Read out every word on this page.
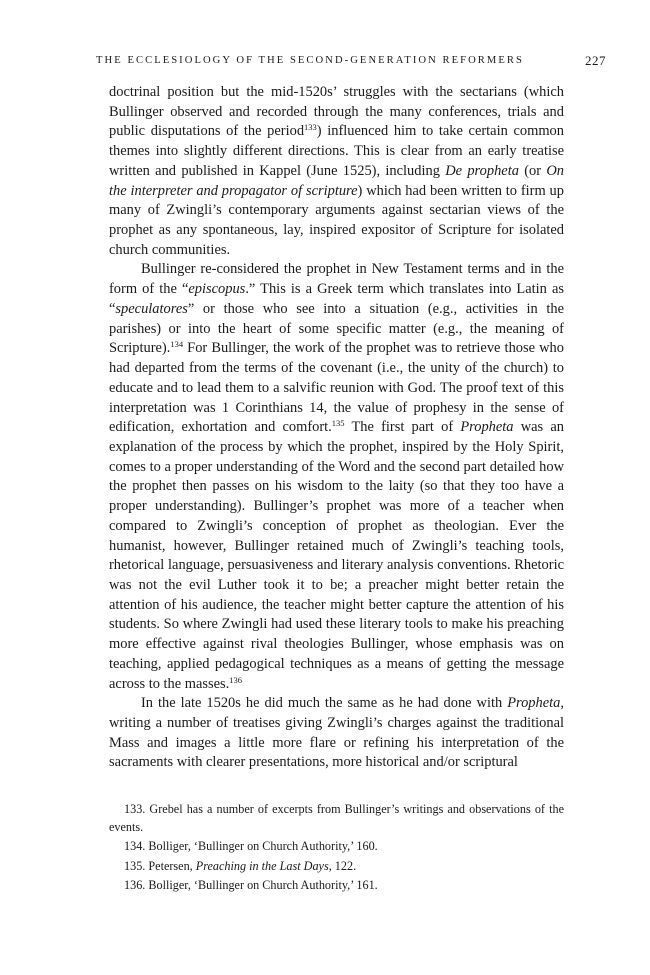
THE ECCLESIOLOGY OF THE SECOND-GENERATION REFORMERS	227

doctrinal position but the mid-1520s’ struggles with the sectarians (which Bullinger observed and recorded through the many conferences, trials and public disputations of the period$^{133}$) influenced him to take certain common themes into slightly different directions. This is clear from an early treatise written and published in Kappel (June 1525), including De propheta (or On the interpreter and propagator of scripture) which had been written to firm up many of Zwingli’s contemporary arguments against sectarian views of the prophet as any spontaneous, lay, inspired expositor of Scripture for isolated church communities.

Bullinger re-considered the prophet in New Testament terms and in the form of the “episcopus.” This is a Greek term which translates into Latin as “speculatores” or those who see into a situation (e.g., activities in the parishes) or into the heart of some specific matter (e.g., the meaning of Scripture).$^{134}$ For Bullinger, the work of the prophet was to retrieve those who had departed from the terms of the covenant (i.e., the unity of the church) to educate and to lead them to a salvific reunion with God. The proof text of this interpretation was 1 Corinthians 14, the value of prophesy in the sense of edification, exhortation and comfort.$^{135}$ The first part of Propheta was an explanation of the process by which the prophet, inspired by the Holy Spirit, comes to a proper understanding of the Word and the second part detailed how the prophet then passes on his wisdom to the laity (so that they too have a proper understanding). Bullinger’s prophet was more of a teacher when compared to Zwingli’s conception of prophet as theologian. Ever the humanist, however, Bullinger retained much of Zwingli’s teaching tools, rhetorical language, persuasiveness and literary analysis conventions. Rhetoric was not the evil Luther took it to be; a preacher might better retain the attention of his audience, the teacher might better capture the attention of his students. So where Zwingli had used these literary tools to make his preaching more effective against rival theologies Bullinger, whose emphasis was on teaching, applied pedagogical techniques as a means of getting the message across to the masses.$^{136}$

In the late 1520s he did much the same as he had done with Propheta, writing a number of treatises giving Zwingli’s charges against the traditional Mass and images a little more flare or refining his interpretation of the sacraments with clearer presentations, more historical and/or scriptural

133. Grebel has a number of excerpts from Bullinger’s writings and observations of the events.

134. Bolliger, ‘Bullinger on Church Authority,’ 160.

135. Petersen, Preaching in the Last Days, 122.

136. Bolliger, ‘Bullinger on Church Authority,’ 161.
